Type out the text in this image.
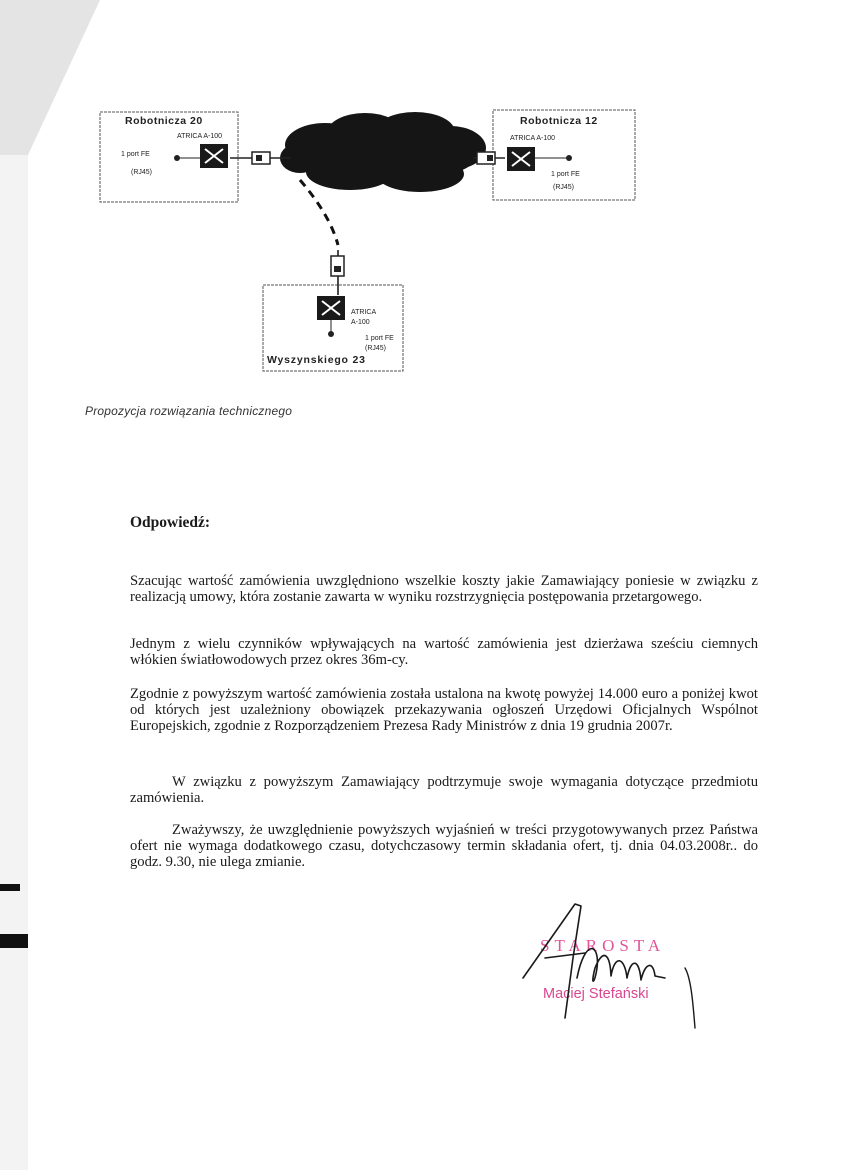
Robotnicza 20
ATRICA A-100
1 port FE
(RJ45)
Robotnicza 12
ATRICA A-100
1 port FE
(RJ45)
ATRICA
A-100
1 port FE
(RJ45)
Wyszynskiego 23
Propozycja rozwiązania technicznego
Odpowiedź:

Szacując wartość zamówienia uwzględniono wszelkie koszty jakie Zamawiający poniesie w związku z realizacją umowy, która zostanie zawarta w wyniku rozstrzygnięcia postępowania przetargowego.

Jednym z wielu czynników wpływających na wartość zamówienia jest dzierżawa sześciu ciemnych włókien światłowodowych przez okres 36m-cy.

Zgodnie z powyższym wartość zamówienia została ustalona na kwotę powyżej 14.000 euro a poniżej kwot od których jest uzależniony obowiązek przekazywania ogłoszeń Urzędowi Oficjalnych Wspólnot Europejskich, zgodnie z Rozporządzeniem Prezesa Rady Ministrów z dnia 19 grudnia 2007r.

W związku z powyższym Zamawiający podtrzymuje swoje wymagania dotyczące przedmiotu zamówienia.

Zważywszy, że uwzględnienie powyższych wyjaśnień w treści przygotowywanych przez Państwa ofert nie wymaga dodatkowego czasu, dotychczasowy termin składania ofert, tj. dnia 04.03.2008r.. do godz. 9.30, nie ulega zmianie.

STAROSTA
Maciej Stefański
